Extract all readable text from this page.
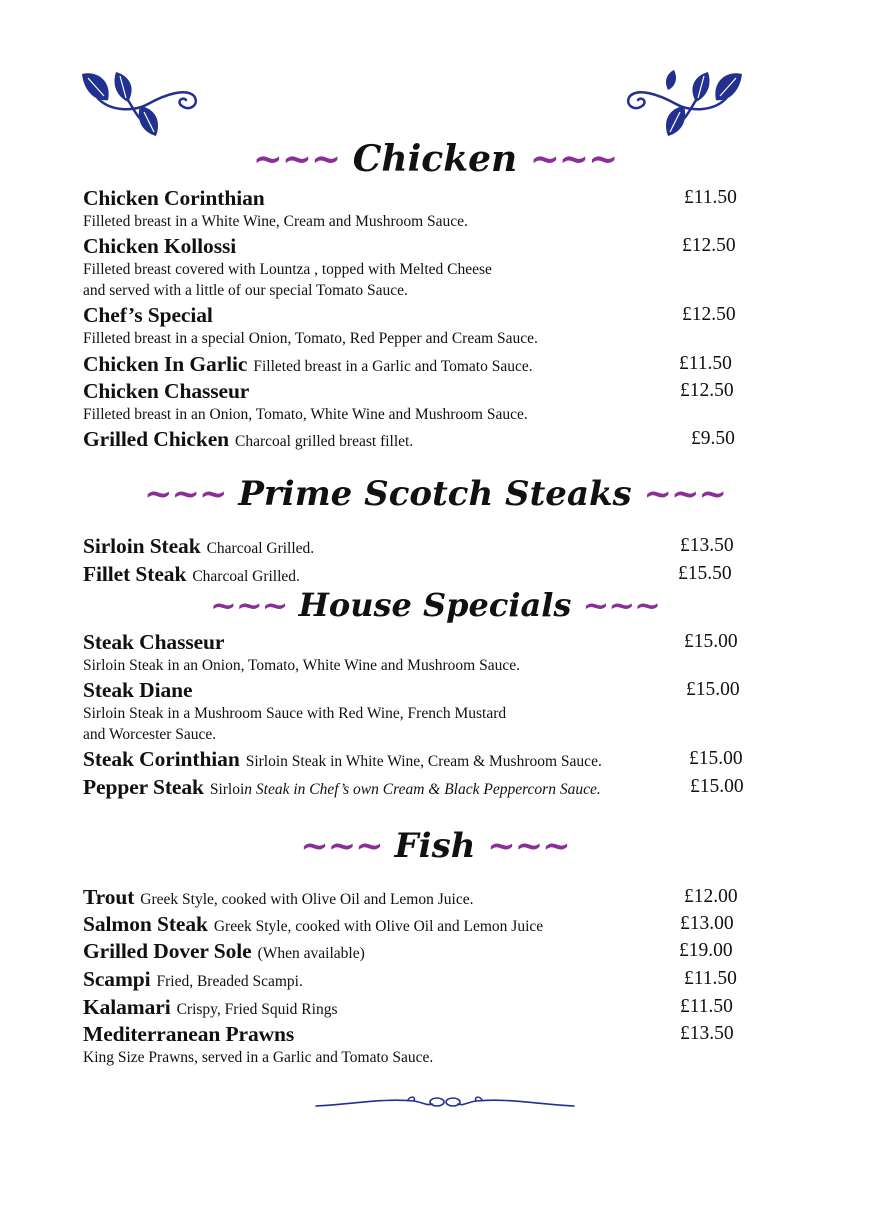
~~~ Chicken ~~~
Chicken Corinthian	£11.50
Filleted breast in a White Wine, Cream and Mushroom Sauce.
Chicken Kollossi	£12.50
Filleted breast covered with Lountza , topped with Melted Cheese
and served with a little of our special Tomato Sauce.
Chef’s Special	£12.50
Filleted breast in a special Onion, Tomato, Red Pepper and Cream Sauce.
Chicken In Garlic Filleted breast in a Garlic and Tomato Sauce.	£11.50
Chicken Chasseur	£12.50
Filleted breast in an Onion, Tomato, White Wine and Mushroom Sauce.
Grilled Chicken Charcoal grilled breast fillet.	£9.50
~~~ Prime Scotch Steaks ~~~
Sirloin Steak Charcoal Grilled.	£13.50
Fillet Steak Charcoal Grilled.	£15.50
~~~ House Specials ~~~
Steak Chasseur	£15.00
Sirloin Steak in an Onion, Tomato, White Wine and Mushroom Sauce.
Steak Diane	£15.00
Sirloin Steak in a Mushroom Sauce with Red Wine, French Mustard
and Worcester Sauce.
Steak Corinthian Sirloin Steak in White Wine, Cream & Mushroom Sauce.	£15.00
Pepper Steak Sirloin Steak in Chef’s own Cream & Black Peppercorn Sauce.	£15.00
~~~ Fish ~~~
Trout Greek Style, cooked with Olive Oil and Lemon Juice.	£12.00
Salmon Steak Greek Style, cooked with Olive Oil and Lemon Juice	£13.00
Grilled Dover Sole (When available)	£19.00
Scampi Fried, Breaded Scampi.	£11.50
Kalamari Crispy, Fried Squid Rings	£11.50
Mediterranean Prawns	£13.50
King Size Prawns, served in a Garlic and Tomato Sauce.
